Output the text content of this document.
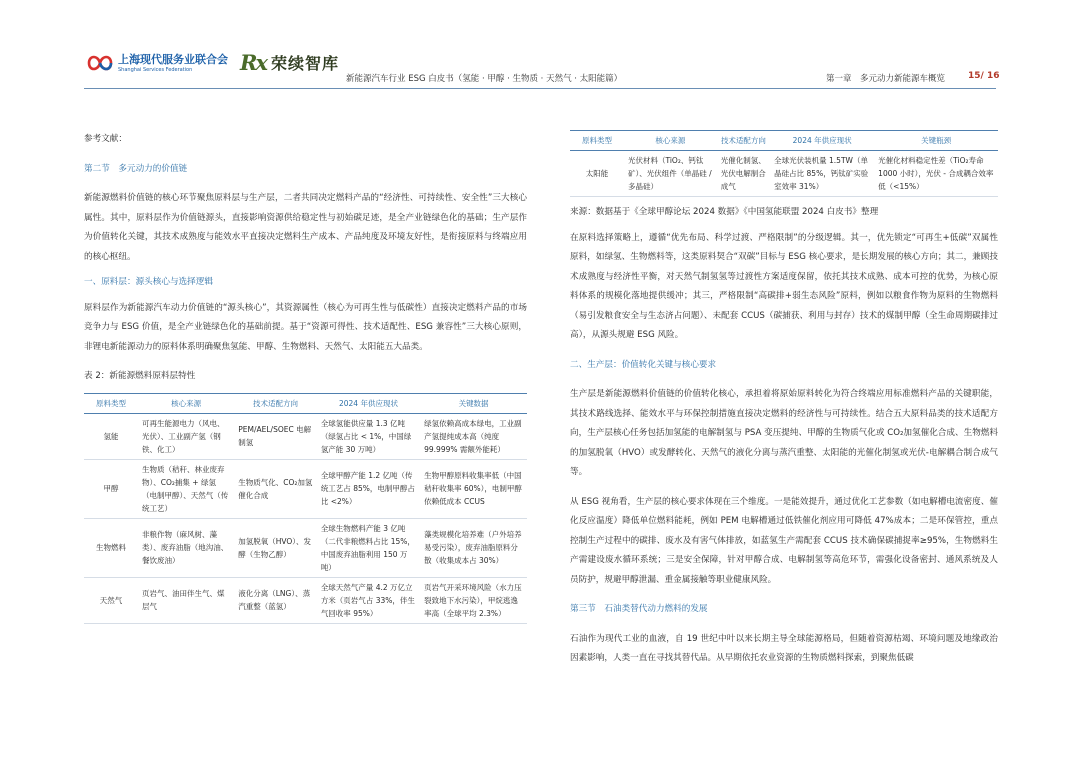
上海现代服务业联合会
Shanghai Services Federation	Rx 荣续智库
新能源汽车行业 ESG 白皮书（氢能 · 甲醇 · 生物质 · 天然气 · 太阳能篇）	第一章　多元动力新能源车概览	15/ 16

参考文献：

第二节　多元动力的价值链

新能源燃料价值链的核心环节聚焦原料层与生产层，二者共同决定燃料产品的“经济性、可持续性、安全性”三大核心属性。其中，原料层作为价值链源头，直接影响资源供给稳定性与初始碳足迹，是全产业链绿色化的基础；生产层作为价值转化关键，其技术成熟度与能效水平直接决定燃料生产成本、产品纯度及环境友好性，是衔接原料与终端应用的核心枢纽。

一、原料层：源头核心与选择逻辑

原料层作为新能源汽车动力价值链的“源头核心”，其资源属性（核心为可再生性与低碳性）直接决定燃料产品的市场竞争力与 ESG 价值，是全产业链绿色化的基础前提。基于“资源可得性、技术适配性、ESG 兼容性”三大核心原则，非锂电新能源动力的原料体系明确聚焦氢能、甲醇、生物燃料、天然气、太阳能五大品类。

表 2：新能源燃料原料层特性

原料类型	核心来源	技术适配方向	2024 年供应现状	关键数据
氢能	可再生能源电力（风电、光伏）、工业副产氢（钢铁、化工）	PEM/AEL/SOEC 电解制氢	全球氢能供应量 1.3 亿吨（绿氢占比 < 1%，中国绿氢产能 30 万吨）	绿氢依赖高成本绿电，工业副产氢提纯成本高（纯度 99.999% 需额外能耗）
甲醇	生物质（秸秆、林业废弃物）、CO₂捕集 + 绿氢（电制甲醇）、天然气（传统工艺）	生物质气化、CO₂加氢催化合成	全球甲醇产能 1.2 亿吨（传统工艺占 85%，电制甲醇占比 <2%）	生物甲醇原料收集率低（中国秸秆收集率 60%），电制甲醇依赖低成本 CCUS
生物燃料	非粮作物（麻风树、藻类）、废弃油脂（地沟油、餐饮废油）	加氢脱氧（HVO）、发酵（生物乙醇）	全球生物燃料产能 3 亿吨（二代非粮燃料占比 15%，中国废弃油脂利用 150 万吨）	藻类规模化培养难（户外培养易受污染），废弃油脂原料分散（收集成本占 30%）
天然气	页岩气、油田伴生气、煤层气	液化分离（LNG）、蒸汽重整（蓝氢）	全球天然气产量 4.2 万亿立方米（页岩气占 33%，伴生气回收率 95%）	页岩气开采环境风险（水力压裂致地下水污染），甲烷逃逸率高（全球平均 2.3%）
原料类型	核心来源	技术适配方向	2024 年供应现状	关键瓶颈
太阳能	光伏材料（TiO₂、钙钛矿）、光伏组件（单晶硅 / 多晶硅）	光催化制氢、光伏电解制合成气	全球光伏装机量 1.5TW（单晶硅占比 85%，钙钛矿实验室效率 31%）	光催化材料稳定性差（TiO₂寿命 1000 小时），光伏 - 合成耦合效率低（<15%）

来源：数据基于《全球甲醇论坛 2024 数据》《中国氢能联盟 2024 白皮书》整理

在原料选择策略上，遵循“优先布局、科学过渡、严格限制”的分级逻辑。其一，优先锁定“可再生+低碳”双属性原料，如绿氢、生物燃料等，这类原料契合“双碳”目标与 ESG 核心要求，是长期发展的核心方向；其二，兼顾技术成熟度与经济性平衡，对天然气制氢氢等过渡性方案适度保留，依托其技术成熟、成本可控的优势，为核心原料体系的规模化落地提供缓冲；其三，严格限制“高碳排+弱生态风险”原料，例如以粮食作物为原料的生物燃料（易引发粮食安全与生态济占问题）、未配套 CCUS（碳捕获、利用与封存）技术的煤制甲醇（全生命周期碳排过高），从源头规避 ESG 风险。

二、生产层：价值转化关键与核心要求

生产层是新能源燃料价值链的价值转化核心，承担着将原始原料转化为符合终端应用标准燃料产品的关键职能，其技术路线选择、能效水平与环保控制措施直接决定燃料的经济性与可持续性。结合五大原料品类的技术适配方向，生产层核心任务包括加氢能的电解制氢与 PSA 变压提纯、甲醇的生物质气化或 CO₂加氢催化合成、生物燃料的加氢脱氧（HVO）或发酵转化、天然气的液化分离与蒸汽重整、太阳能的光催化制氢或光伏-电解耦合制合成气等。

从 ESG 视角看，生产层的核心要求体现在三个维度。一是能效提升，通过优化工艺参数（如电解槽电流密度、催化反应温度）降低单位燃料能耗，例如 PEM 电解槽通过低铁催化剂应用可降低 47%成本；二是环保管控，重点控制生产过程中的碳排、废水及有害气体排放，如蓝氢生产需配套 CCUS 技术确保碳捕捉率≥95%，生物燃料生产需建设废水循环系统；三是安全保障，针对甲醇合成、电解制氢等高危环节，需强化设备密封、通风系统及人员防护，规避甲醇泄漏、重金属接触等职业健康风险。

第三节　石油类替代动力燃料的发展

石油作为现代工业的血液，自 19 世纪中叶以来长期主导全球能源格局，但随着资源枯竭、环境问题及地缘政治因素影响，人类一直在寻找其替代品。从早期依托农业资源的生物质燃料探索，到聚焦低碳
